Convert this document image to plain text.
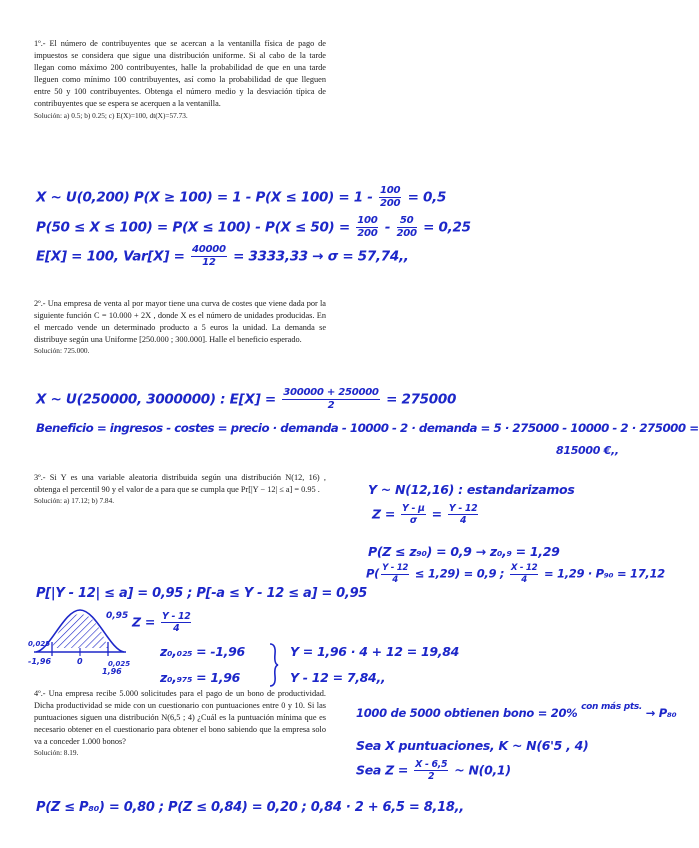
1º.- El número de contribuyentes que se acercan a la ventanilla física de pago de impuestos se considera que sigue una distribución uniforme. Si al cabo de la tarde llegan como máximo 200 contribuyentes, halle la probabilidad de que en una tarde lleguen como mínimo 100 contribuyentes, así como la probabilidad de que lleguen entre 50 y 100 contribuyentes. Obtenga el número medio y la desviación típica de contribuyentes que se espera se acerquen a la ventanilla.

Solución: a) 0.5; b) 0.25; c) E(X)=100, dt(X)=57.73.

X ~ U(0,200) $P(X \ge 100) = 1 - P(X \le 100) = 1 - \frac{100}{200} = 0,5$
$P(50 \le X \le 100) = P(X \le 100) - P(X \le 50) = \frac{100}{200} - \frac{50}{200} = 0,25$
E[X] = 100, $Var[X] = \frac{40000}{12} = 3333,33 \to \sigma = 57,74$,,

2º.- Una empresa de venta al por mayor tiene una curva de costes que viene dada por la siguiente función C = 10.000 + 2X , donde X es el número de unidades producidas. En el mercado vende un determinado producto a 5 euros la unidad. La demanda se distribuye según una Uniforme [250.000 ; 300.000]. Halle el beneficio esperado.

Solución: 725.000.

X ~ U(250000, 3000000) : $E[X] = \frac{300000 + 250000}{2} = 275000$
Beneficio = ingresos - costes = precio · demanda - 10000 - 2 · demanda = 5 · 275000 - 10000 - 2 · 275000 =
815000 €,,

3º.- Si Y es una variable aleatoria distribuida según una distribución N(12, 16) , obtenga el percentil 90 y el valor de a para que se cumpla que Pr[|Y − 12| ≤ a] = 0.95 .

Solución: a) 17.12; b) 7.84.

Y ~ N(12,16) : estandarizamos
$Z = \frac{Y - \mu}{\sigma} = \frac{Y - 12}{4}$
P(Z ≤ z₉₀) = 0,9 → z₀,₉ = 1,29
$P( \frac{Y - 12}{4} \le 1,29) = 0,9$ ; $\frac{X - 12}{4} = 1,29 \cdot P_{90} = 17,12$
P[|Y - 12| ≤ a] = 0,95 ; P[-a ≤ Y - 12 ≤ a] = 0,95
$Z = \frac{Y - 12}{4}$
z₀,₀₂₅ = -1,96
z₀,₉₇₅ = 1,96
Y = 1,96 · 4 + 12 = 19,84
Y - 12 = 7,84,,
0,95
0,025
0,025
0
-1,96
1,96

4º.- Una empresa recibe 5.000 solicitudes para el pago de un bono de productividad. Dicha productividad se mide con un cuestionario con puntuaciones entre 0 y 10. Si las puntuaciones siguen una distribución N(6,5 ; 4) ¿Cuál es la puntuación mínima que es necesario obtener en el cuestionario para obtener el bono sabiendo que la empresa solo va a conceder 1.000 bonos?

Solución: 8.19.

1000 de 5000 obtienen bono = 20% $^{con más pts.}$ → P₈₀
Sea X puntuaciones, K ~ N(6'5 , 4)
Sea $Z = \frac{X - 6,5}{2}$ ~ N(0,1)
P(Z ≤ P₈₀) = 0,80 ; P(Z ≤ 0,84) = 0,20 ; 0,84 · 2 + 6,5 = 8,18,,
